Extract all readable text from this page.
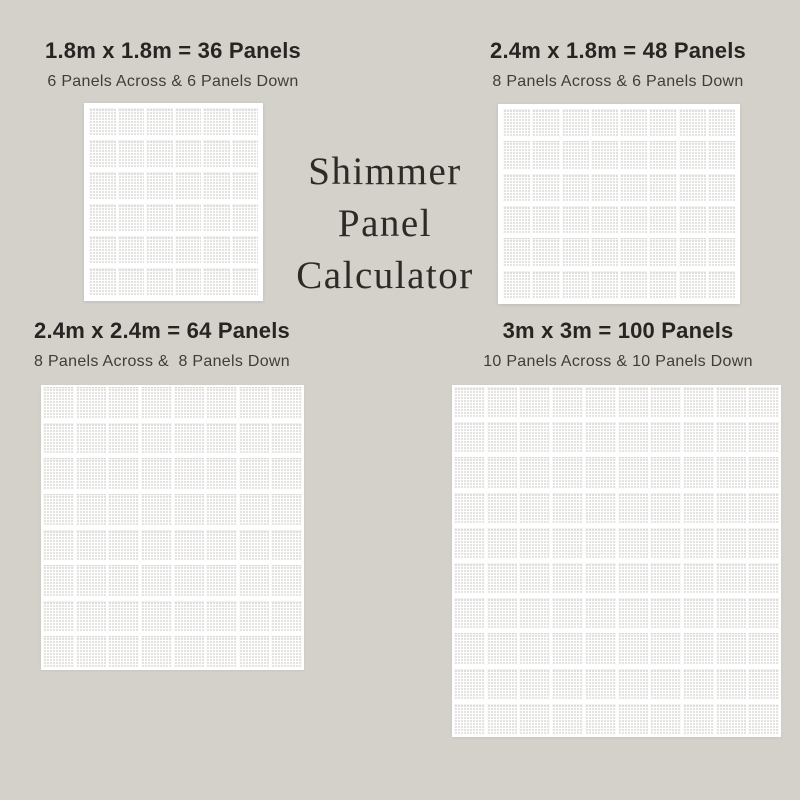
1.8m x 1.8m = 36 Panels

6 Panels Across & 6 Panels Down

2.4m x 1.8m = 48 Panels

8 Panels Across & 6 Panels Down

Shimmer
Panel
Calculator
2.4m x 2.4m = 64 Panels

8 Panels Across &  8 Panels Down

3m x 3m = 100 Panels

10 Panels Across & 10 Panels Down
